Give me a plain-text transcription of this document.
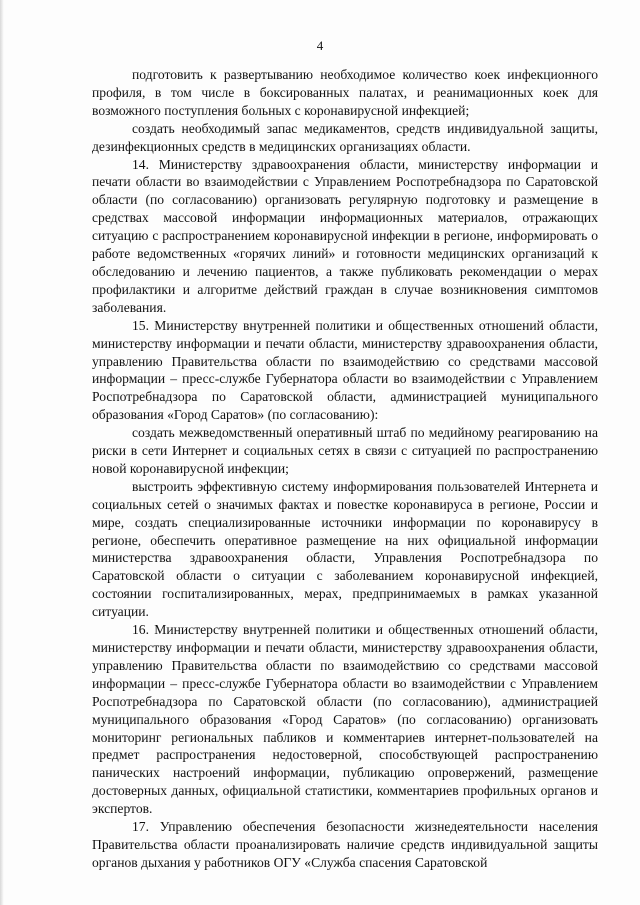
4

подготовить к развертыванию необходимое количество коек инфекционного профиля, в том числе в боксированных палатах, и реанимационных коек для возможного поступления больных с коронавирусной инфекцией;

создать необходимый запас медикаментов, средств индивидуальной защиты, дезинфекционных средств в медицинских организациях области.

14. Министерству здравоохранения области, министерству информации и печати области во взаимодействии с Управлением Роспотребнадзора по Саратовской области (по согласованию) организовать регулярную подготовку и размещение в средствах массовой информации информационных материалов, отражающих ситуацию с распространением коронавирусной инфекции в регионе, информировать о работе ведомственных «горячих линий» и готовности медицинских организаций к обследованию и лечению пациентов, а также публиковать рекомендации о мерах профилактики и алгоритме действий граждан в случае возникновения симптомов заболевания.

15. Министерству внутренней политики и общественных отношений области, министерству информации и печати области, министерству здравоохранения области, управлению Правительства области по взаимодействию со средствами массовой информации – пресс-службе Губернатора области во взаимодействии с Управлением Роспотребнадзора по Саратовской области, администрацией муниципального образования «Город Саратов» (по согласованию):

создать межведомственный оперативный штаб по медийному реагированию на риски в сети Интернет и социальных сетях в связи с ситуацией по распространению новой коронавирусной инфекции;

выстроить эффективную систему информирования пользователей Интернета и социальных сетей о значимых фактах и повестке коронавируса в регионе, России и мире, создать специализированные источники информации по коронавирусу в регионе, обеспечить оперативное размещение на них официальной информации министерства здравоохранения области, Управления Роспотребнадзора по Саратовской области о ситуации с заболеванием коронавирусной инфекцией, состоянии госпитализированных, мерах, предпринимаемых в рамках указанной ситуации.

16. Министерству внутренней политики и общественных отношений области, министерству информации и печати области, министерству здравоохранения области, управлению Правительства области по взаимодействию со средствами массовой информации – пресс-службе Губернатора области во взаимодействии с Управлением Роспотребнадзора по Саратовской области (по согласованию), администрацией муниципального образования «Город Саратов» (по согласованию) организовать мониторинг региональных пабликов и комментариев интернет-пользователей на предмет распространения недостоверной, способствующей распространению панических настроений информации, публикацию опровержений, размещение достоверных данных, официальной статистики, комментариев профильных органов и экспертов.

17. Управлению обеспечения безопасности жизнедеятельности населения Правительства области проанализировать наличие средств индивидуальной защиты органов дыхания у работников ОГУ «Служба спасения Саратовской
